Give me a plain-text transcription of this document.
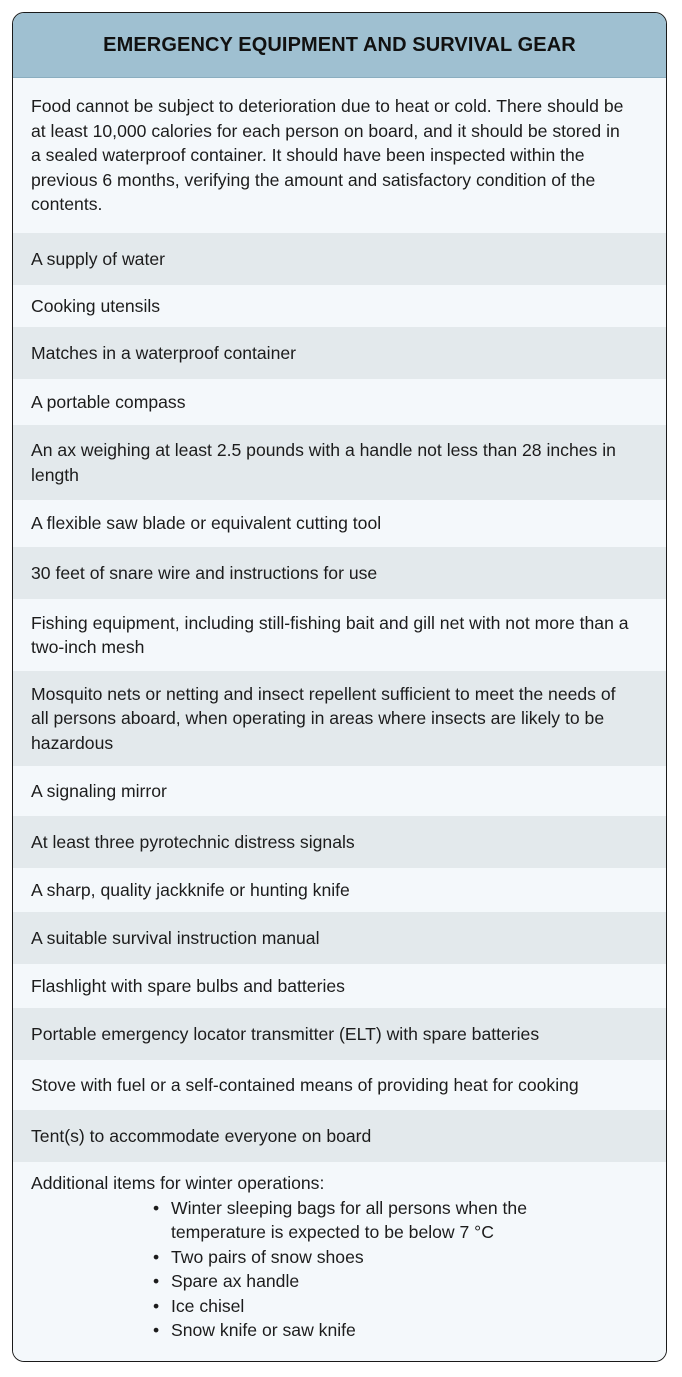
EMERGENCY EQUIPMENT AND SURVIVAL GEAR
Food cannot be subject to deterioration due to heat or cold. There should be at least 10,000 calories for each person on board, and it should be stored in a sealed waterproof container. It should have been inspected within the previous 6 months, verifying the amount and satisfactory condition of the contents.
A supply of water
Cooking utensils
Matches in a waterproof container
A portable compass
An ax weighing at least 2.5 pounds with a handle not less than 28 inches in length
A flexible saw blade or equivalent cutting tool
30 feet of snare wire and instructions for use
Fishing equipment, including still-fishing bait and gill net with not more than a two-inch mesh
Mosquito nets or netting and insect repellent sufficient to meet the needs of all persons aboard, when operating in areas where insects are likely to be hazardous
A signaling mirror
At least three pyrotechnic distress signals
A sharp, quality jackknife or hunting knife
A suitable survival instruction manual
Flashlight with spare bulbs and batteries
Portable emergency locator transmitter (ELT) with spare batteries
Stove with fuel or a self-contained means of providing heat for cooking
Tent(s) to accommodate everyone on board
Additional items for winter operations:
• Winter sleeping bags for all persons when the temperature is expected to be below 7 °C
• Two pairs of snow shoes
• Spare ax handle
• Ice chisel
• Snow knife or saw knife
